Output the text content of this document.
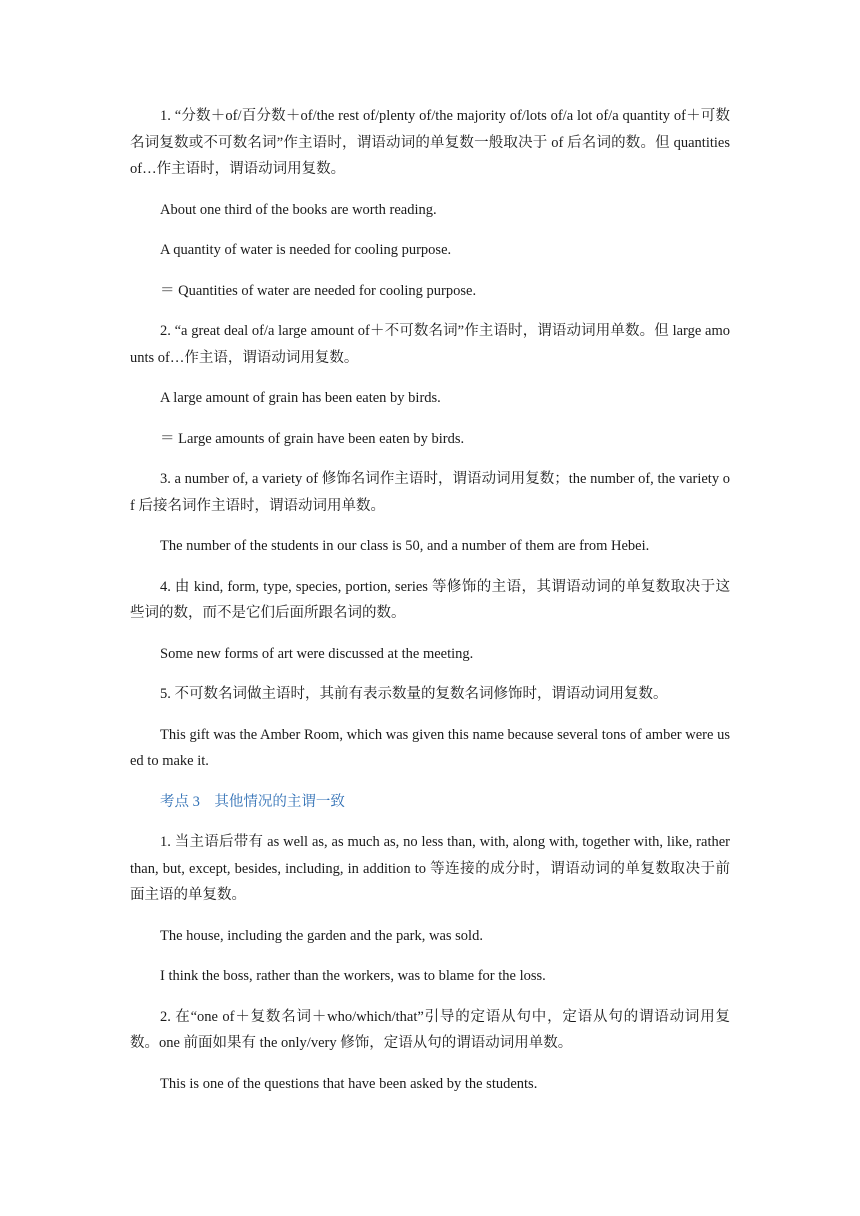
1. “分数＋of/百分数＋of/the rest of/plenty of/the majority of/lots of/a lot of/a quantity of＋可数名词复数或不可数名词”作主语时，谓语动词的单复数一般取决于 of 后名词的数。但 quantities of…作主语时，谓语动词用复数。

About one third of the books are worth reading.

A quantity of water is needed for cooling purpose.

＝ Quantities of water are needed for cooling purpose.

2. “a great deal of/a large amount of＋不可数名词”作主语时，谓语动词用单数。但 large amounts of…作主语，谓语动词用复数。

A large amount of grain has been eaten by birds.

＝ Large amounts of grain have been eaten by birds.

3. a number of, a variety of 修饰名词作主语时，谓语动词用复数；the number of, the variety of 后接名词作主语时，谓语动词用单数。

The number of the students in our class is 50, and a number of them are from Hebei.

4. 由 kind, form, type, species, portion, series 等修饰的主语，其谓语动词的单复数取决于这些词的数，而不是它们后面所跟名词的数。

Some new forms of art were discussed at the meeting.

5. 不可数名词做主语时，其前有表示数量的复数名词修饰时，谓语动词用复数。

This gift was the Amber Room, which was given this name because several tons of amber were used to make it.

考点 3　其他情况的主谓一致

1. 当主语后带有 as well as, as much as, no less than, with, along with, together with, like, rather than, but, except, besides, including, in addition to 等连接的成分时，谓语动词的单复数取决于前面主语的单复数。

The house, including the garden and the park, was sold.

I think the boss, rather than the workers, was to blame for the loss.

2. 在“one of＋复数名词＋who/which/that”引导的定语从句中，定语从句的谓语动词用复数。one 前面如果有 the only/very 修饰，定语从句的谓语动词用单数。

This is one of the questions that have been asked by the students.
